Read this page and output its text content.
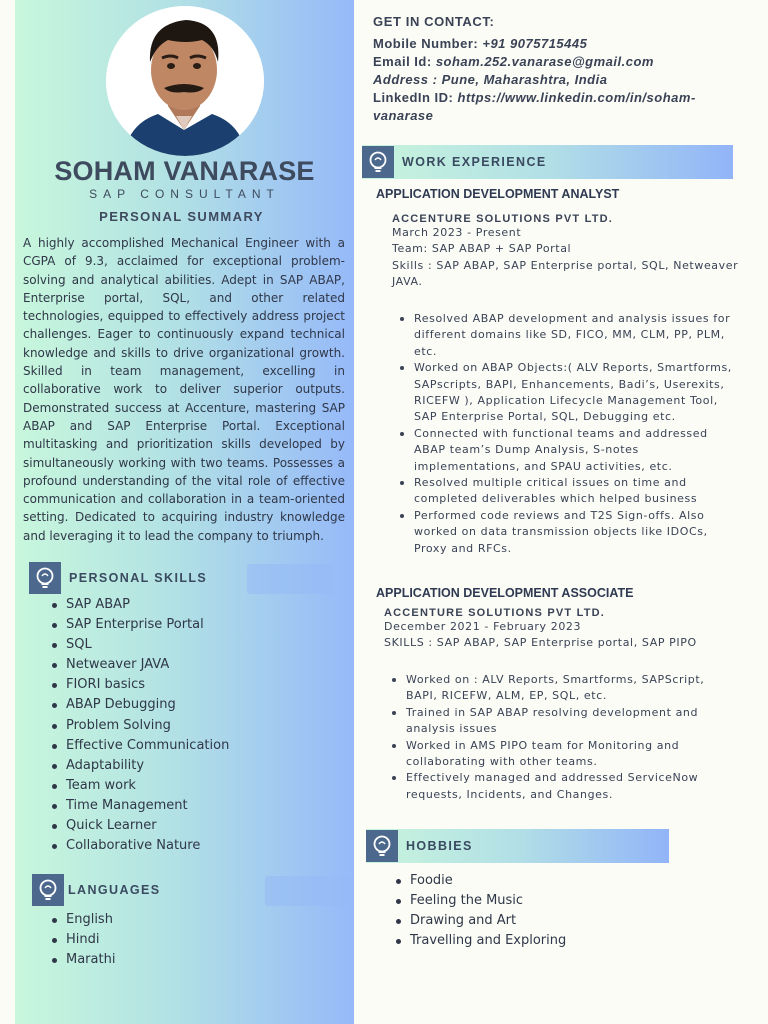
SOHAM VANARASE
SAP CONSULTANT
PERSONAL SUMMARY
A highly accomplished Mechanical Engineer with a CGPA of 9.3, acclaimed for exceptional problem-solving and analytical abilities. Adept in SAP ABAP, Enterprise portal, SQL, and other related technologies, equipped to effectively address project challenges. Eager to continuously expand technical knowledge and skills to drive organizational growth. Skilled in team management, excelling in collaborative work to deliver superior outputs. Demonstrated success at Accenture, mastering SAP ABAP and SAP Enterprise Portal. Exceptional multitasking and prioritization skills developed by simultaneously working with two teams. Possesses a profound understanding of the vital role of effective communication and collaboration in a team-oriented setting. Dedicated to acquiring industry knowledge and leveraging it to lead the company to triumph.
PERSONAL SKILLS
SAP ABAP
SAP Enterprise Portal
SQL
Netweaver JAVA
FIORI basics
ABAP Debugging
Problem Solving
Effective Communication
Adaptability
Team work
Time Management
Quick Learner
Collaborative Nature
LANGUAGES
English
Hindi
Marathi
GET IN CONTACT:
Mobile Number: +91 9075715445
Email Id: soham.252.vanarase@gmail.com
Address : Pune, Maharashtra, India
LinkedIn ID: https://www.linkedin.com/in/soham-
vanarase
WORK EXPERIENCE
APPLICATION DEVELOPMENT ANALYST
ACCENTURE SOLUTIONS PVT LTD.
March 2023 - Present
Team: SAP ABAP + SAP Portal
Skills : SAP ABAP, SAP Enterprise portal, SQL, Netweaver JAVA.
Resolved ABAP development and analysis issues for different domains like SD, FICO, MM, CLM, PP, PLM, etc.
Worked on ABAP Objects:( ALV Reports, Smartforms, SAPscripts, BAPI, Enhancements, Badi’s, Userexits, RICEFW ), Application Lifecycle Management Tool, SAP Enterprise Portal, SQL, Debugging etc.
Connected with functional teams and addressed ABAP team’s Dump Analysis, S-notes implementations, and SPAU activities, etc.
Resolved multiple critical issues on time and completed deliverables which helped business
Performed code reviews and T2S Sign-offs. Also worked on data transmission objects like IDOCs, Proxy and RFCs.
APPLICATION DEVELOPMENT ASSOCIATE
ACCENTURE SOLUTIONS PVT LTD.
December 2021 - February 2023
SKILLS : SAP ABAP, SAP Enterprise portal, SAP PIPO
Worked on : ALV Reports, Smartforms, SAPScript, BAPI, RICEFW, ALM, EP, SQL, etc.
Trained in SAP ABAP resolving development and analysis issues
Worked in AMS PIPO team for Monitoring and collaborating with other teams.
Effectively managed and addressed ServiceNow requests, Incidents, and Changes.
HOBBIES
Foodie
Feeling the Music
Drawing and Art
Travelling and Exploring
